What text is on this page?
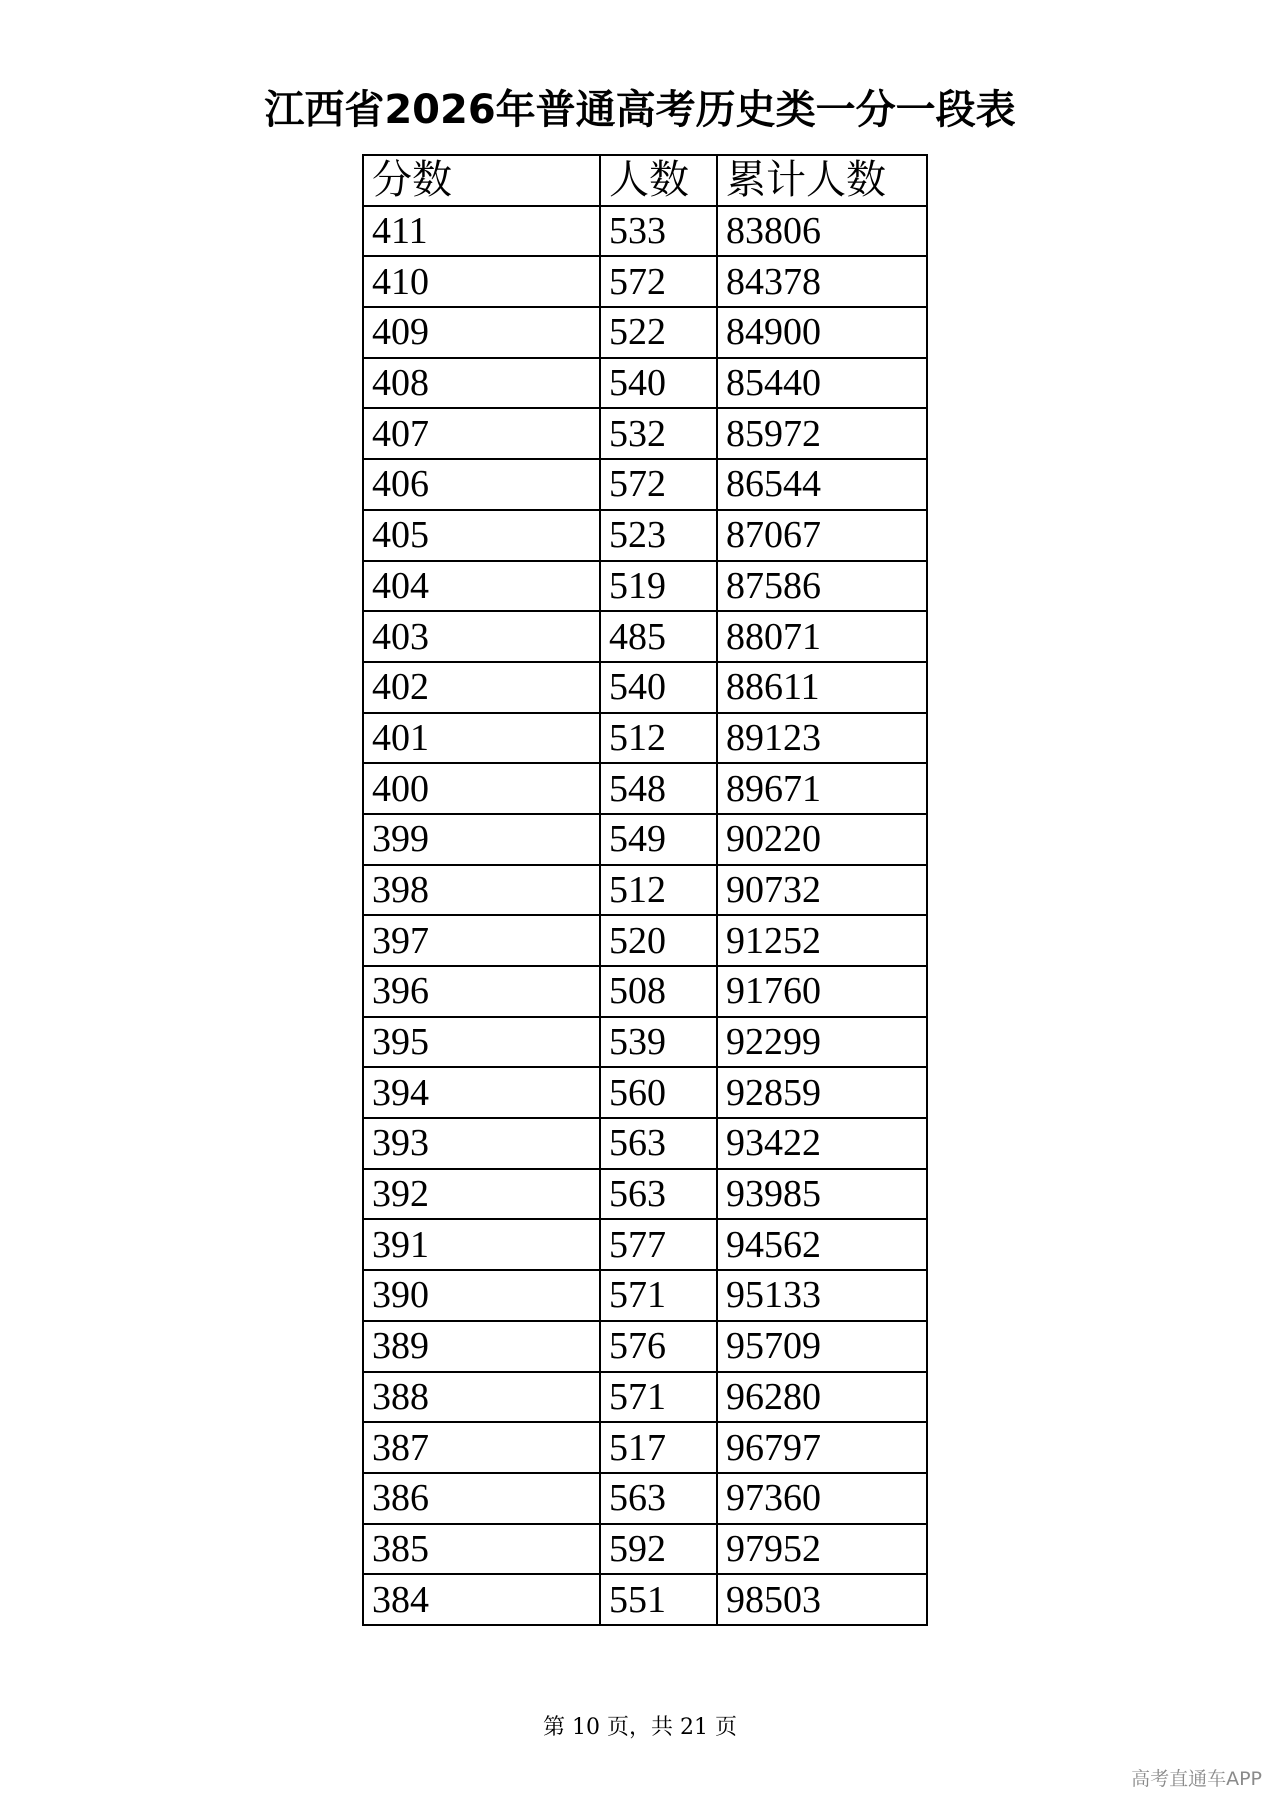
江西省2026年普通高考历史类一分一段表
分数	人数	累计人数
411	533	83806
410	572	84378
409	522	84900
408	540	85440
407	532	85972
406	572	86544
405	523	87067
404	519	87586
403	485	88071
402	540	88611
401	512	89123
400	548	89671
399	549	90220
398	512	90732
397	520	91252
396	508	91760
395	539	92299
394	560	92859
393	563	93422
392	563	93985
391	577	94562
390	571	95133
389	576	95709
388	571	96280
387	517	96797
386	563	97360
385	592	97952
384	551	98503
第 10 页，共 21 页
高考直通车APP
